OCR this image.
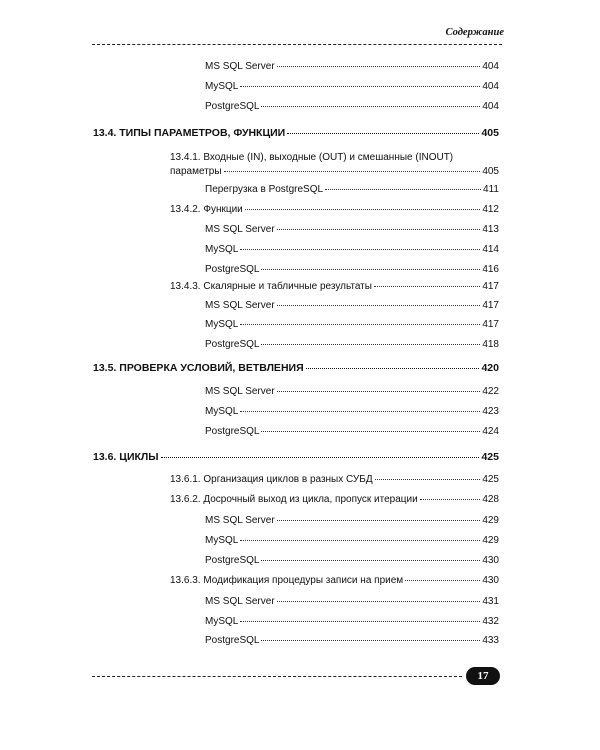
Содержание
MS SQL Server	404
MySQL	404
PostgreSQL	404
13.4. ТИПЫ ПАРАМЕТРОВ, ФУНКЦИИ	405
13.4.1. Входные (IN), выходные (OUT) и смешанные (INOUT)
параметры	405
Перегрузка в PostgreSQL	411
13.4.2. Функции	412
MS SQL Server	413
MySQL	414
PostgreSQL	416
13.4.3. Скалярные и табличные результаты	417
MS SQL Server	417
MySQL	417
PostgreSQL	418
13.5. ПРОВЕРКА УСЛОВИЙ, ВЕТВЛЕНИЯ	420
MS SQL Server	422
MySQL	423
PostgreSQL	424
13.6. ЦИКЛЫ	425
13.6.1. Организация циклов в разных СУБД	425
13.6.2. Досрочный выход из цикла, пропуск итерации	428
MS SQL Server	429
MySQL	429
PostgreSQL	430
13.6.3. Модификация процедуры записи на прием	430
MS SQL Server	431
MySQL	432
PostgreSQL	433
17
